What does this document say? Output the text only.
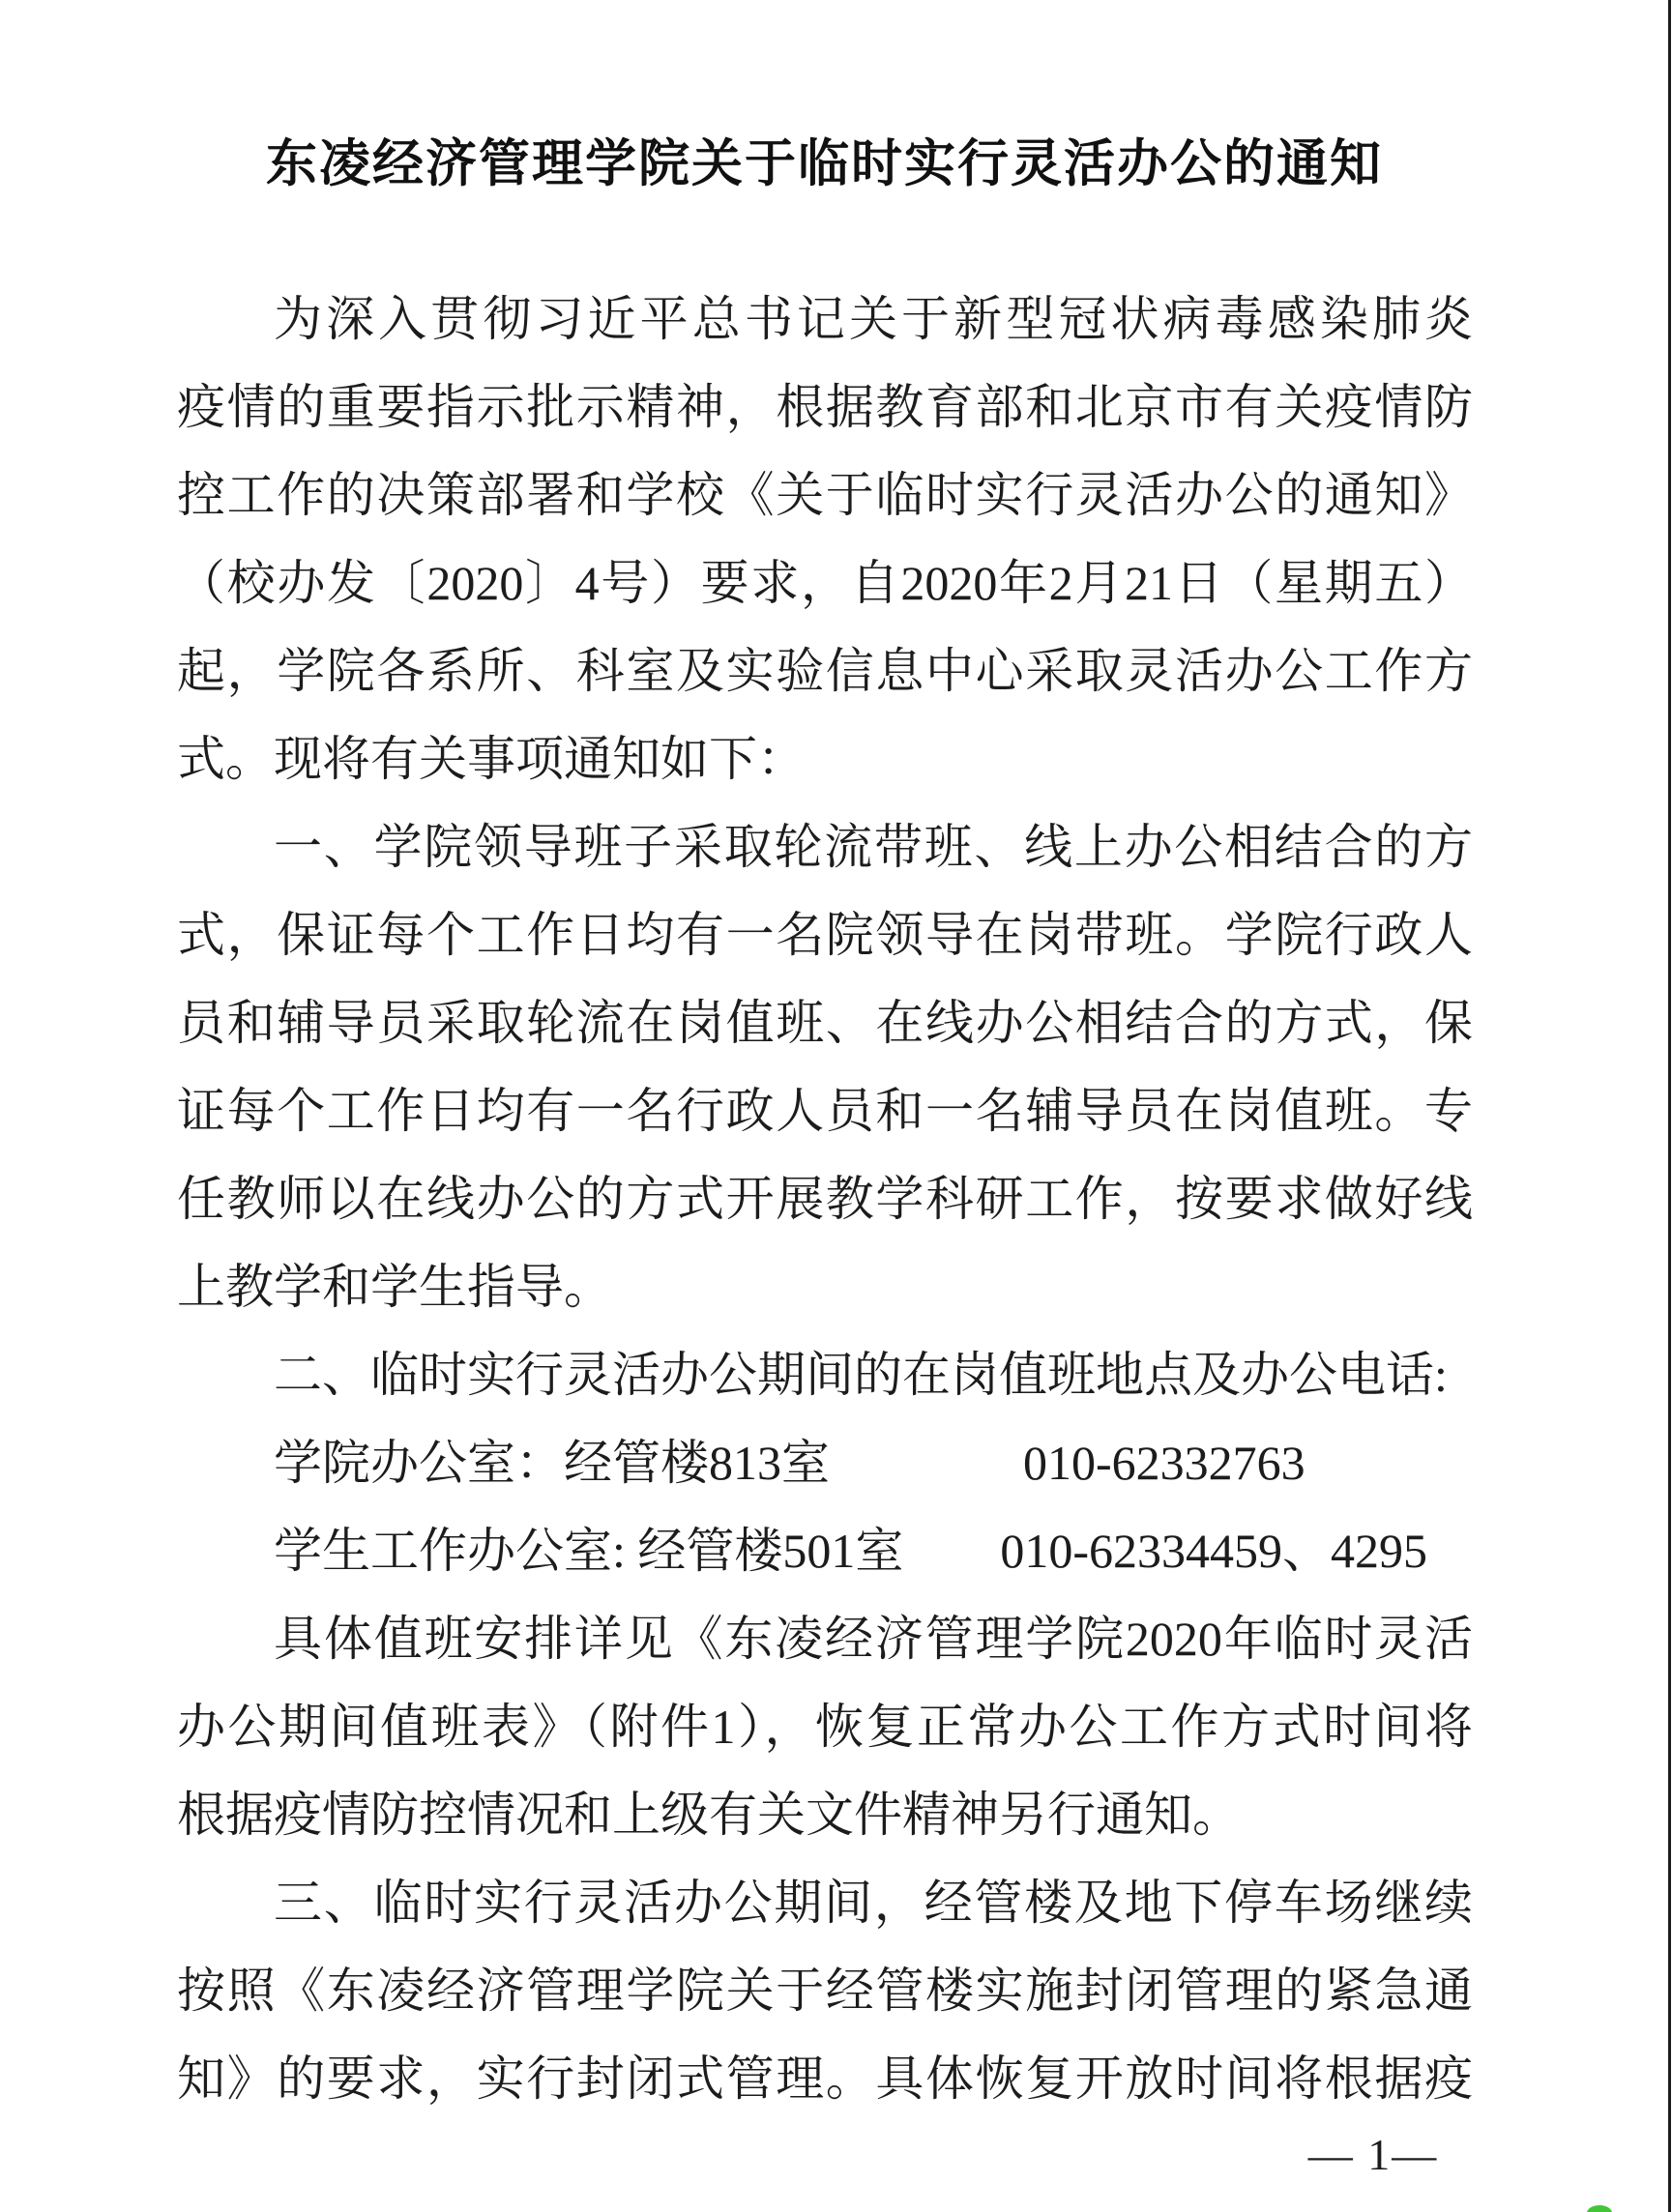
东凌经济管理学院关于临时实行灵活办公的通知
为深入贯彻习近平总书记关于新型冠状病毒感染肺炎
疫情的重要指示批示精神，根据教育部和北京市有关疫情防
控工作的决策部署和学校《关于临时实行灵活办公的通知》
（校办发〔2020〕4号）要求，自2020年2月21日（星期五）
起，学院各系所、科室及实验信息中心采取灵活办公工作方
式。现将有关事项通知如下：
一、学院领导班子采取轮流带班、线上办公相结合的方
式，保证每个工作日均有一名院领导在岗带班。学院行政人
员和辅导员采取轮流在岗值班、在线办公相结合的方式，保
证每个工作日均有一名行政人员和一名辅导员在岗值班。专
任教师以在线办公的方式开展教学科研工作，按要求做好线
上教学和学生指导。
二、临时实行灵活办公期间的在岗值班地点及办公电话:
学院办公室：经管楼813室　　　　010-62332763
学生工作办公室: 经管楼501室　　010-62334459、4295
具体值班安排详见《东凌经济管理学院2020年临时灵活
办公期间值班表》（附件1），恢复正常办公工作方式时间将
根据疫情防控情况和上级有关文件精神另行通知。
三、临时实行灵活办公期间，经管楼及地下停车场继续
按照《东凌经济管理学院关于经管楼实施封闭管理的紧急通
知》的要求，实行封闭式管理。具体恢复开放时间将根据疫
— 1—
